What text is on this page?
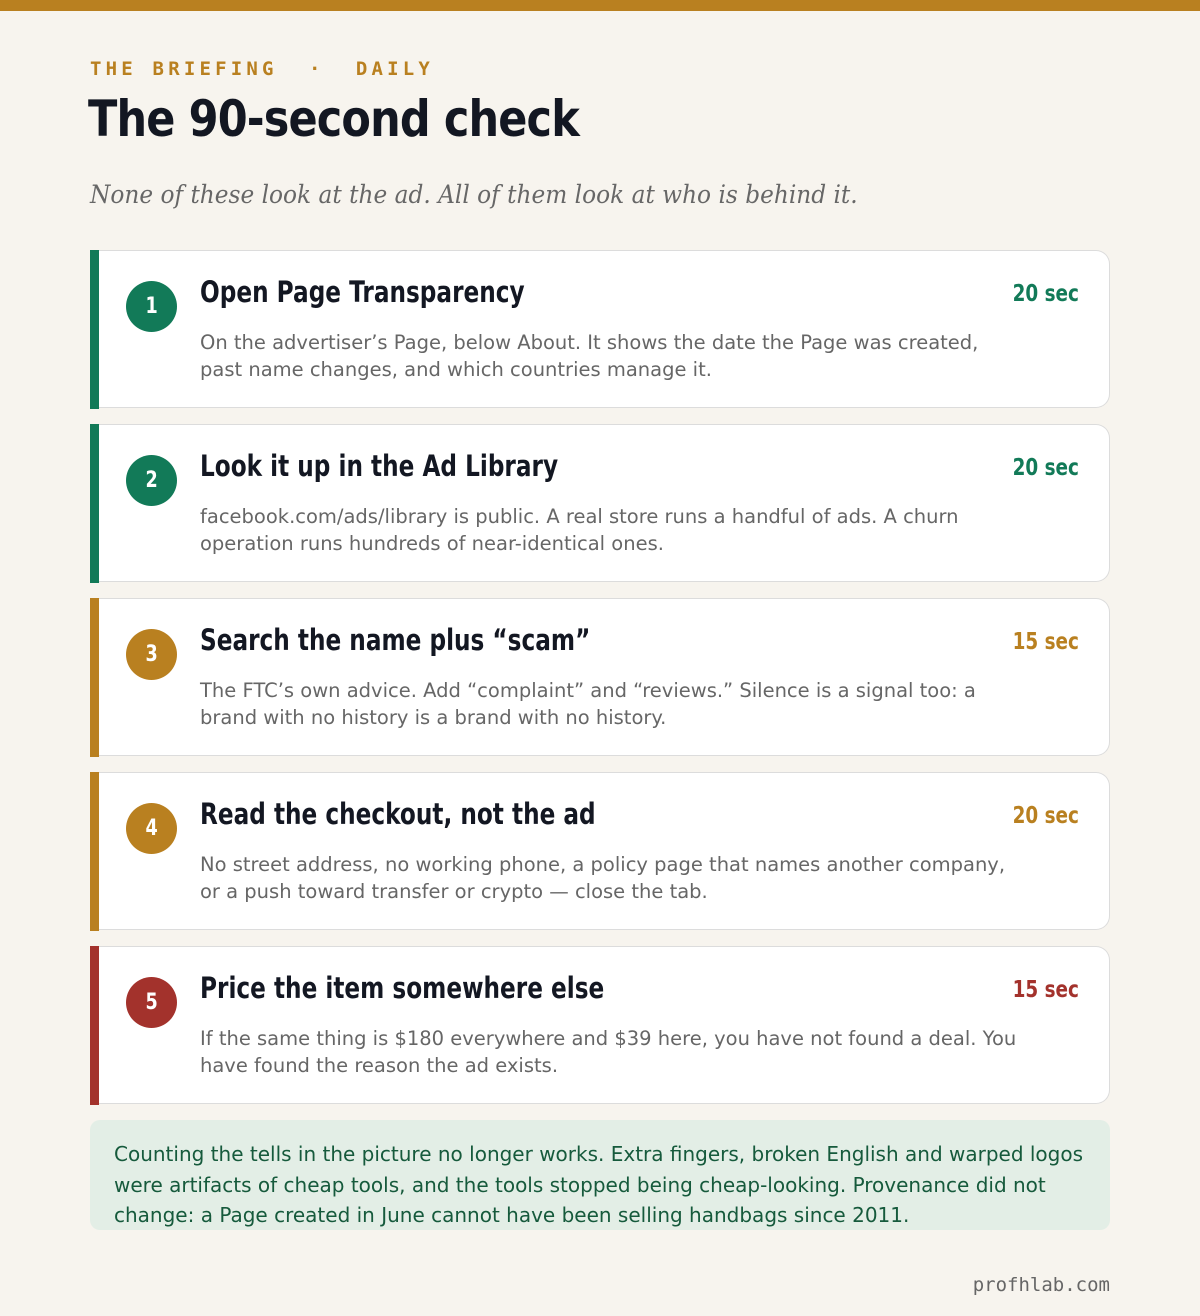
THE BRIEFING  ·  DAILY
The 90-second check
None of these look at the ad. All of them look at who is behind it.
1 Open Page Transparency	20 sec
On the advertiser’s Page, below About. It shows the date the Page was created, past name changes, and which countries manage it.
2 Look it up in the Ad Library	20 sec
facebook.com/ads/library is public. A real store runs a handful of ads. A churn operation runs hundreds of near-identical ones.
3 Search the name plus “scam”	15 sec
The FTC’s own advice. Add “complaint” and “reviews.” Silence is a signal too: a brand with no history is a brand with no history.
4 Read the checkout, not the ad	20 sec
No street address, no working phone, a policy page that names another company, or a push toward transfer or crypto — close the tab.
5 Price the item somewhere else	15 sec
If the same thing is $180 everywhere and $39 here, you have not found a deal. You have found the reason the ad exists.
Counting the tells in the picture no longer works. Extra fingers, broken English and warped logos were artifacts of cheap tools, and the tools stopped being cheap-looking. Provenance did not change: a Page created in June cannot have been selling handbags since 2011.
profhlab.com
